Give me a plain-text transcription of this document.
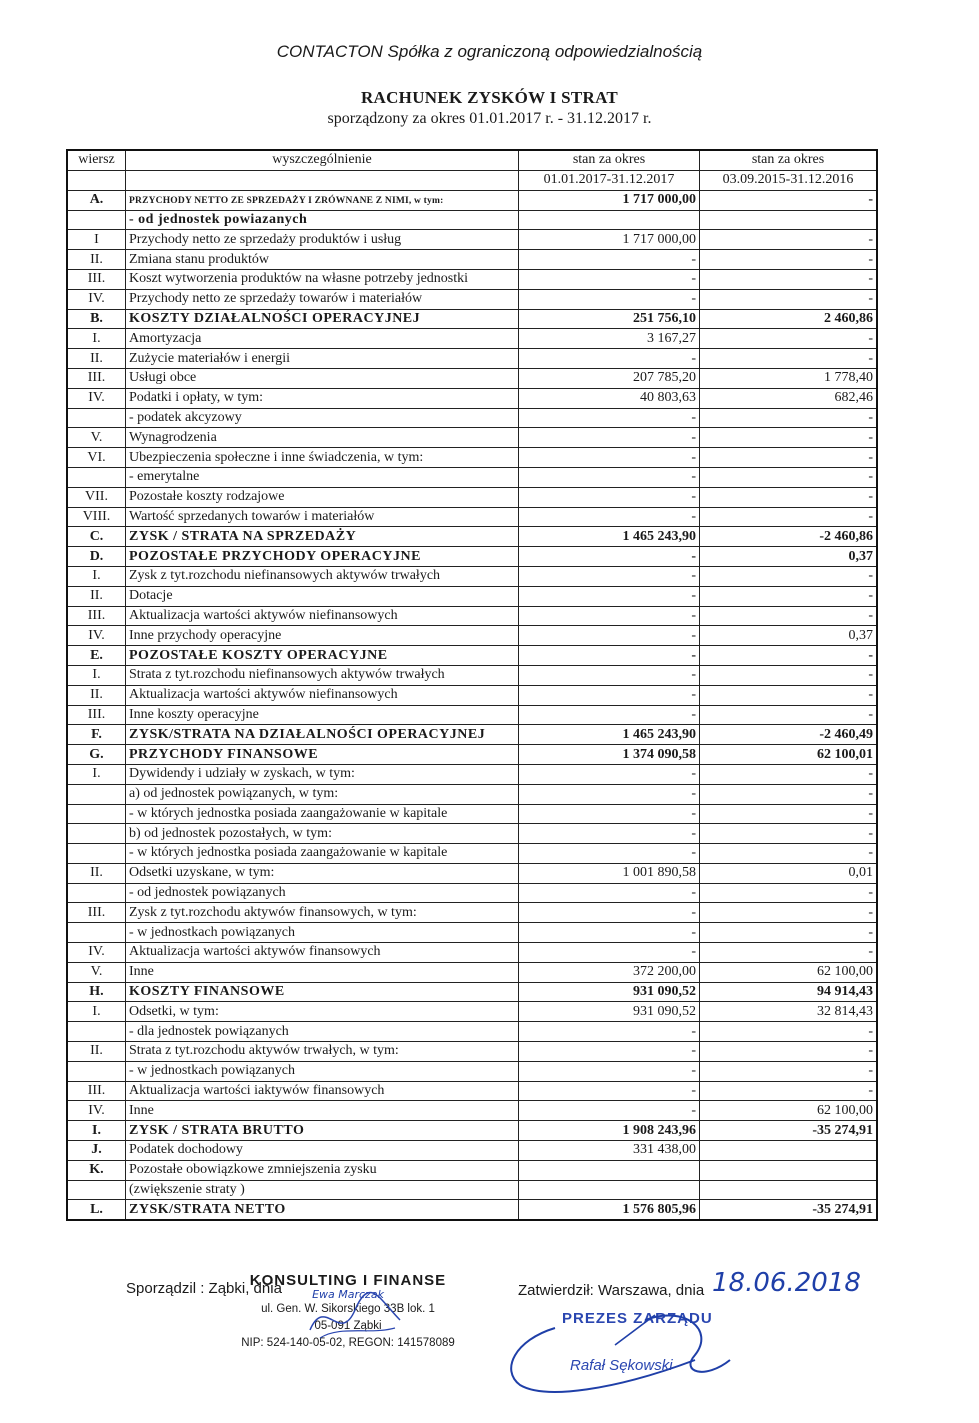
CONTACTON Spółka z ograniczoną odpowiedzialnością
RACHUNEK ZYSKÓW I STRAT
sporządzony za okres 01.01.2017 r. - 31.12.2017 r.
wiersz	wyszczególnienie	stan za okres	stan za okres
		01.01.2017-31.12.2017	03.09.2015-31.12.2016
A.	PRZYCHODY NETTO ZE SPRZEDAŻY I ZRÓWNANE Z NIMI, w tym:	1 717 000,00	-
	- od jednostek powiazanych		
I	Przychody netto ze sprzedaży produktów i usług	1 717 000,00	-
II.	Zmiana stanu produktów	-	-
III.	Koszt wytworzenia produktów na własne potrzeby jednostki	-	-
IV.	Przychody netto ze sprzedaży towarów i materiałów	-	-
B.	KOSZTY DZIAŁALNOŚCI OPERACYJNEJ	251 756,10	2 460,86
I.	Amortyzacja	3 167,27	-
II.	Zużycie materiałów i energii	-	-
III.	Usługi obce	207 785,20	1 778,40
IV.	Podatki i opłaty, w tym:	40 803,63	682,46
	- podatek akcyzowy	-	-
V.	Wynagrodzenia	-	-
VI.	Ubezpieczenia społeczne i inne świadczenia, w tym:	-	-
	- emerytalne	-	-
VII.	Pozostałe koszty rodzajowe	-	-
VIII.	Wartość sprzedanych towarów i materiałów	-	-
C.	ZYSK / STRATA NA SPRZEDAŻY	1 465 243,90	-2 460,86
D.	POZOSTAŁE PRZYCHODY OPERACYJNE	-	0,37
I.	Zysk z tyt.rozchodu niefinansowych aktywów trwałych	-	-
II.	Dotacje	-	-
III.	Aktualizacja wartości aktywów niefinansowych	-	-
IV.	Inne przychody operacyjne	-	0,37
E.	POZOSTAŁE KOSZTY OPERACYJNE	-	-
I.	Strata z tyt.rozchodu niefinansowych aktywów trwałych	-	-
II.	Aktualizacja wartości aktywów niefinansowych	-	-
III.	Inne koszty operacyjne	-	-
F.	ZYSK/STRATA NA DZIAŁALNOŚCI OPERACYJNEJ	1 465 243,90	-2 460,49
G.	PRZYCHODY FINANSOWE	1 374 090,58	62 100,01
I.	Dywidendy i udziały w zyskach, w tym:	-	-
	a) od jednostek powiązanych, w tym:	-	-
	- w których jednostka posiada zaangażowanie w kapitale	-	-
	b) od jednostek pozostałych, w tym:	-	-
	- w których jednostka posiada zaangażowanie w kapitale	-	-
II.	Odsetki uzyskane, w tym:	1 001 890,58	0,01
	- od jednostek powiązanych	-	-
III.	Zysk z tyt.rozchodu aktywów finansowych, w tym:	-	-
	- w jednostkach powiązanych	-	-
IV.	Aktualizacja wartości aktywów finansowych	-	-
V.	Inne	372 200,00	62 100,00
H.	KOSZTY FINANSOWE	931 090,52	94 914,43
I.	Odsetki, w tym:	931 090,52	32 814,43
	- dla jednostek powiązanych	-	-
II.	Strata z tyt.rozchodu aktywów trwałych, w tym:	-	-
	- w jednostkach powiązanych	-	-
III.	Aktualizacja wartości iaktywów finansowych	-	-
IV.	Inne	-	62 100,00
I.	ZYSK / STRATA BRUTTO	1 908 243,96	-35 274,91
J.	Podatek dochodowy	331 438,00	
K.	Pozostałe obowiązkowe zmniejszenia zysku		
	(zwiększenie straty )		
L.	ZYSK/STRATA NETTO	1 576 805,96	-35 274,91
Sporządzil : Ząbki, dnia
KONSULTING I FINANSE
Ewa Marczak
ul. Gen. W. Sikorskiego 33B lok. 1
05-091 Ząbki
NIP: 524-140-05-02, REGON: 141578089
Zatwierdził: Warszawa, dnia 18.06.2018
PREZES ZARZĄDU
Rafał Sękowski
